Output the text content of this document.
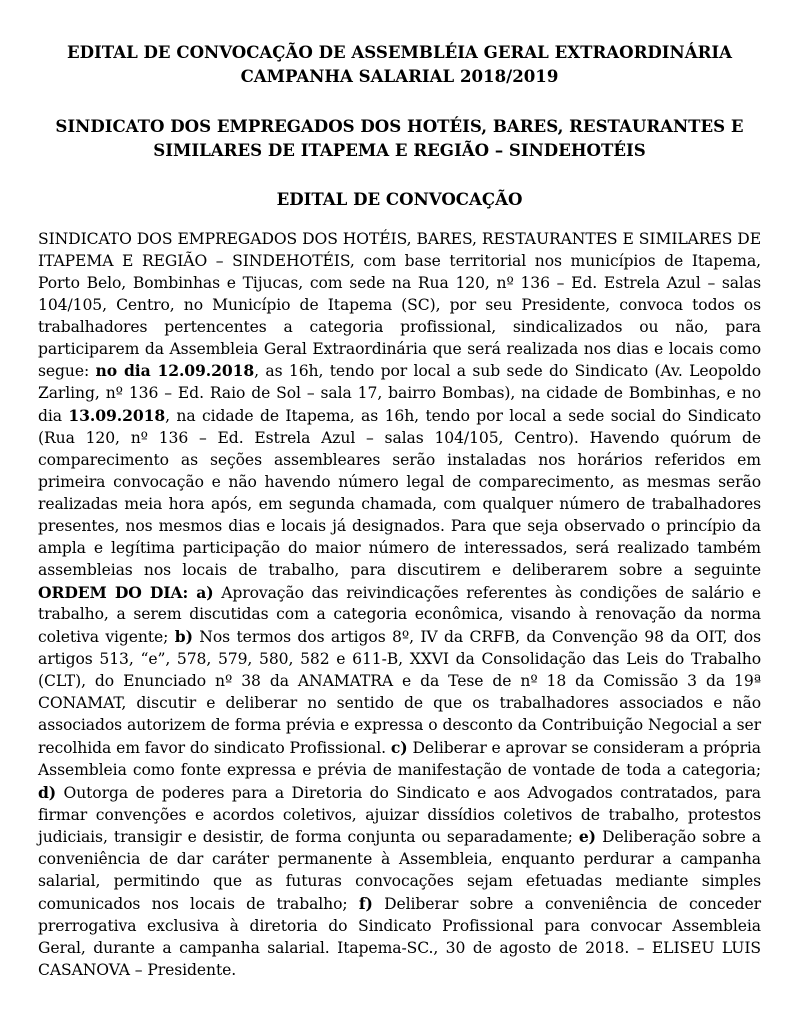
EDITAL DE CONVOCAÇÃO DE ASSEMBLÉIA GERAL EXTRAORDINÁRIA
CAMPANHA SALARIAL 2018/2019

SINDICATO DOS EMPREGADOS DOS HOTÉIS, BARES, RESTAURANTES E
SIMILARES DE ITAPEMA E REGIÃO – SINDEHOTÉIS

EDITAL DE CONVOCAÇÃO

SINDICATO DOS EMPREGADOS DOS HOTÉIS, BARES, RESTAURANTES E SIMILARES DE ITAPEMA E REGIÃO – SINDEHOTÉIS, com base territorial nos municípios de Itapema, Porto Belo, Bombinhas e Tijucas, com sede na Rua 120, nº 136 – Ed. Estrela Azul – salas 104/105, Centro, no Município de Itapema (SC), por seu Presidente, convoca todos os trabalhadores pertencentes a categoria profissional, sindicalizados ou não, para participarem da Assembleia Geral Extraordinária que será realizada nos dias e locais como segue: no dia 12.09.2018, as 16h, tendo por local a sub sede do Sindicato (Av. Leopoldo Zarling, nº 136 – Ed. Raio de Sol – sala 17, bairro Bombas), na cidade de Bombinhas, e no dia 13.09.2018, na cidade de Itapema, as 16h, tendo por local a sede social do Sindicato (Rua 120, nº 136 – Ed. Estrela Azul – salas 104/105, Centro). Havendo quórum de comparecimento as seções assembleares serão instaladas nos horários referidos em primeira convocação e não havendo número legal de comparecimento, as mesmas serão realizadas meia hora após, em segunda chamada, com qualquer número de trabalhadores presentes, nos mesmos dias e locais já designados. Para que seja observado o princípio da ampla e legítima participação do maior número de interessados, será realizado também assembleias nos locais de trabalho, para discutirem e deliberarem sobre a seguinte ORDEM DO DIA: a) Aprovação das reivindicações referentes às condições de salário e trabalho, a serem discutidas com a categoria econômica, visando à renovação da norma coletiva vigente; b) Nos termos dos artigos 8º, IV da CRFB, da Convenção 98 da OIT, dos artigos 513, “e”, 578, 579, 580, 582 e 611-B, XXVI da Consolidação das Leis do Trabalho (CLT), do Enunciado nº 38 da ANAMATRA e da Tese de nº 18 da Comissão 3 da 19ª CONAMAT, discutir e deliberar no sentido de que os trabalhadores associados e não associados autorizem de forma prévia e expressa o desconto da Contribuição Negocial a ser recolhida em favor do sindicato Profissional. c) Deliberar e aprovar se consideram a própria Assembleia como fonte expressa e prévia de manifestação de vontade de toda a categoria; d) Outorga de poderes para a Diretoria do Sindicato e aos Advogados contratados, para firmar convenções e acordos coletivos, ajuizar dissídios coletivos de trabalho, protestos judiciais, transigir e desistir, de forma conjunta ou separadamente; e) Deliberação sobre a conveniência de dar caráter permanente à Assembleia, enquanto perdurar a campanha salarial, permitindo que as futuras convocações sejam efetuadas mediante simples comunicados nos locais de trabalho; f) Deliberar sobre a conveniência de conceder prerrogativa exclusiva à diretoria do Sindicato Profissional para convocar Assembleia Geral, durante a campanha salarial. Itapema-SC., 30 de agosto de 2018. – ELISEU LUIS CASANOVA – Presidente.
